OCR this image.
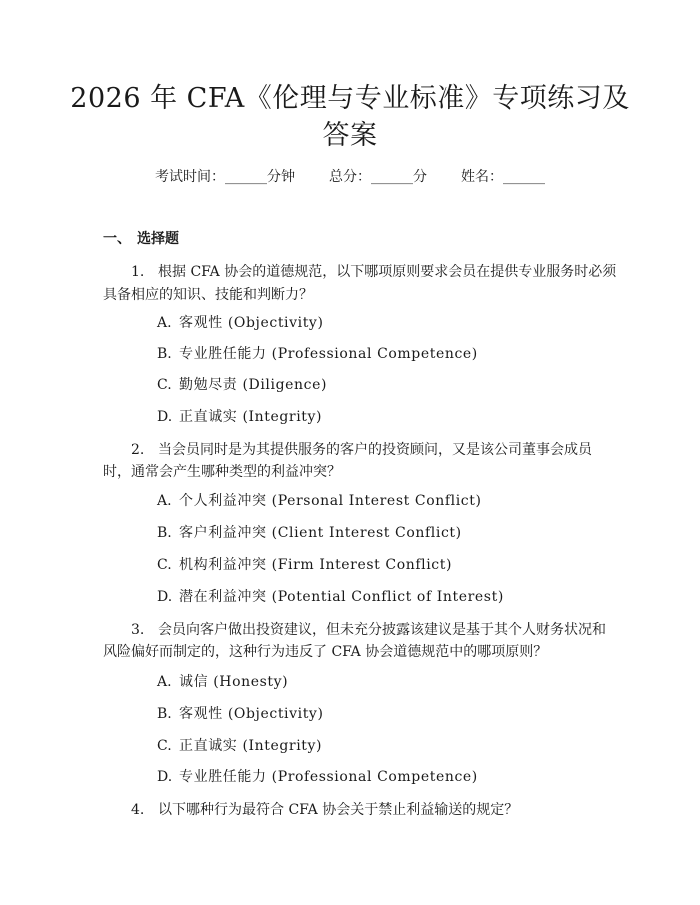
2026 年 CFA《伦理与专业标准》专项练习及
答案
考试时间：______分钟 总分：______分 姓名：______
一、 选择题
1. 根据 CFA 协会的道德规范，以下哪项原则要求会员在提供专业服务时必须
具备相应的知识、技能和判断力？
A. 客观性 (Objectivity)
B. 专业胜任能力 (Professional Competence)
C. 勤勉尽责 (Diligence)
D. 正直诚实 (Integrity)
2. 当会员同时是为其提供服务的客户的投资顾问，又是该公司董事会成员
时，通常会产生哪种类型的利益冲突？
A. 个人利益冲突 (Personal Interest Conflict)
B. 客户利益冲突 (Client Interest Conflict)
C. 机构利益冲突 (Firm Interest Conflict)
D. 潜在利益冲突 (Potential Conflict of Interest)
3. 会员向客户做出投资建议，但未充分披露该建议是基于其个人财务状况和
风险偏好而制定的，这种行为违反了 CFA 协会道德规范中的哪项原则？
A. 诚信 (Honesty)
B. 客观性 (Objectivity)
C. 正直诚实 (Integrity)
D. 专业胜任能力 (Professional Competence)
4. 以下哪种行为最符合 CFA 协会关于禁止利益输送的规定？
